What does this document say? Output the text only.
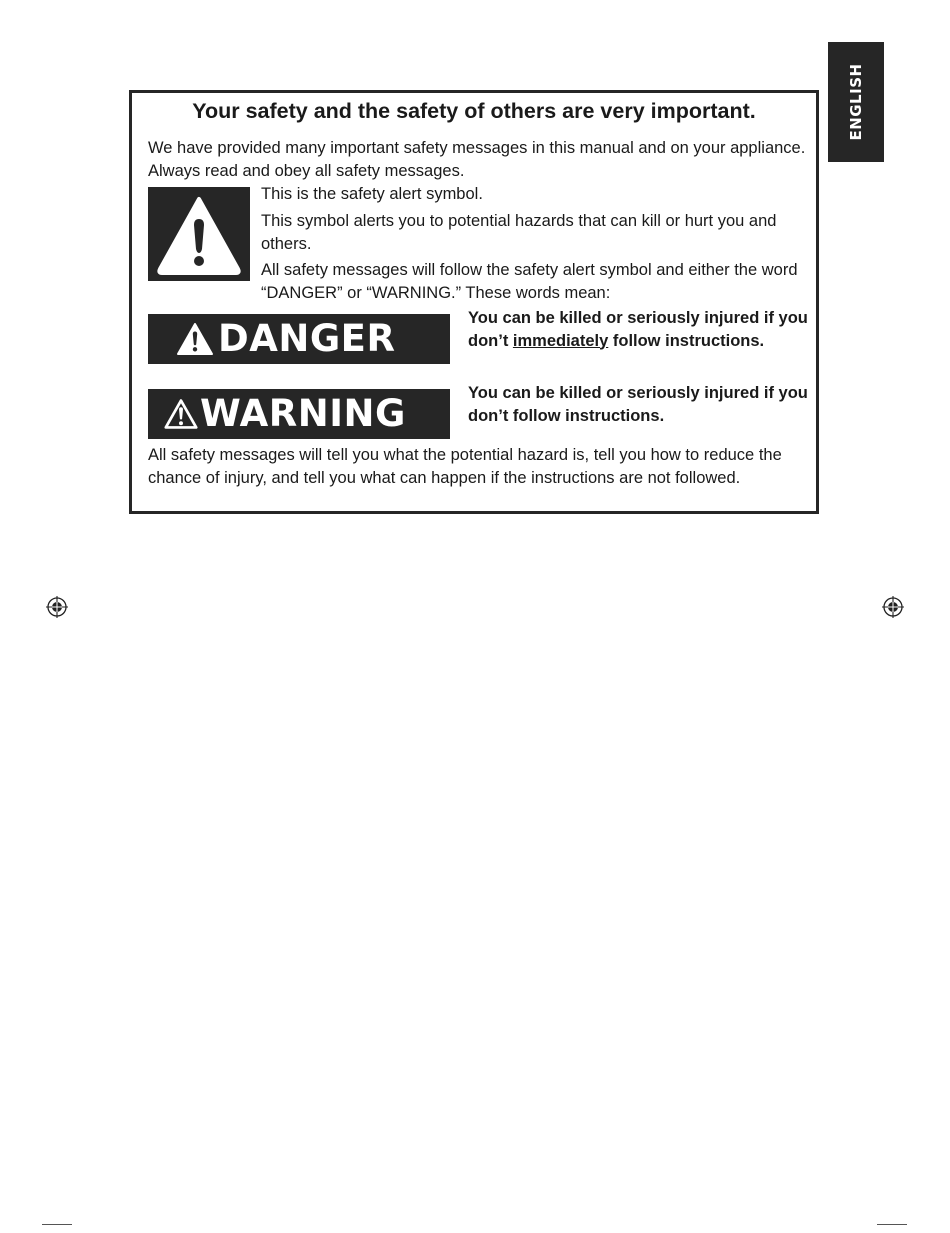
ENGLISH
Your safety and the safety of others are very important.
We have provided many important safety messages in this manual and on your appliance. Always read and obey all safety messages.
This is the safety alert symbol.
This symbol alerts you to potential hazards that can kill or hurt you and others.
All safety messages will follow the safety alert symbol and either the word “DANGER” or “WARNING.” These words mean:
DANGER	You can be killed or seriously injured if you don’t immediately follow instructions.
WARNING	You can be killed or seriously injured if you don’t follow instructions.
All safety messages will tell you what the potential hazard is, tell you how to reduce the chance of injury, and tell you what can happen if the instructions are not followed.
